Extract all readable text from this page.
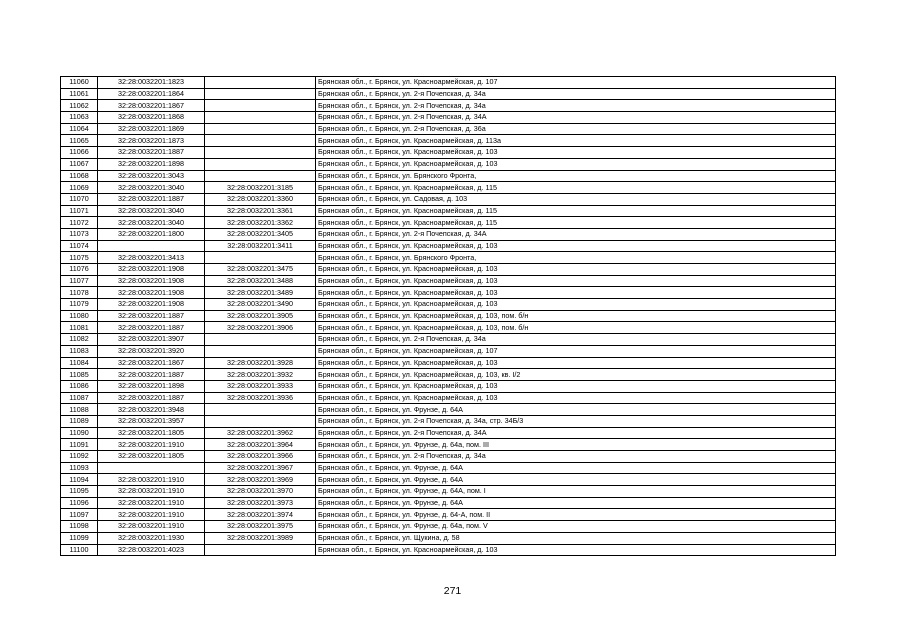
11060	32:28:0032201:1823		Брянская обл., г. Брянск, ул. Красноармейская, д. 107
11061	32:28:0032201:1864		Брянская обл., г. Брянск, ул. 2-я Почепская, д. 34а
11062	32:28:0032201:1867		Брянская обл., г. Брянск, ул. 2-я Почепская, д. 34а
11063	32:28:0032201:1868		Брянская обл., г. Брянск, ул. 2-я Почепская, д. 34А
11064	32:28:0032201:1869		Брянская обл., г. Брянск, ул. 2-я Почепская, д. 36а
11065	32:28:0032201:1873		Брянская обл., г. Брянск, ул. Красноармейская, д. 113а
11066	32:28:0032201:1887		Брянская обл., г. Брянск, ул. Красноармейская, д. 103
11067	32:28:0032201:1898		Брянская обл., г. Брянск, ул. Красноармейская, д. 103
11068	32:28:0032201:3043		Брянская обл., г. Брянск, ул. Брянского Фронта,
11069	32:28:0032201:3040	32:28:0032201:3185	Брянская обл., г. Брянск, ул. Красноармейская, д. 115
11070	32:28:0032201:1887	32:28:0032201:3360	Брянская обл., г. Брянск, ул. Садовая, д. 103
11071	32:28:0032201:3040	32:28:0032201:3361	Брянская обл., г. Брянск, ул. Красноармейская, д. 115
11072	32:28:0032201:3040	32:28:0032201:3362	Брянская обл., г. Брянск, ул. Красноармейская, д. 115
11073	32:28:0032201:1800	32:28:0032201:3405	Брянская обл., г. Брянск, ул. 2-я Почепская, д. 34А
11074		32:28:0032201:3411	Брянская обл., г. Брянск, ул. Красноармейская, д. 103
11075	32:28:0032201:3413		Брянская обл., г. Брянск, ул. Брянского Фронта,
11076	32:28:0032201:1908	32:28:0032201:3475	Брянская обл., г. Брянск, ул. Красноармейская, д. 103
11077	32:28:0032201:1908	32:28:0032201:3488	Брянская обл., г. Брянск, ул. Красноармейская, д. 103
11078	32:28:0032201:1908	32:28:0032201:3489	Брянская обл., г. Брянск, ул. Красноармейская, д. 103
11079	32:28:0032201:1908	32:28:0032201:3490	Брянская обл., г. Брянск, ул. Красноармейская, д. 103
11080	32:28:0032201:1887	32:28:0032201:3905	Брянская обл., г. Брянск, ул. Красноармейская, д. 103, пом. б/н
11081	32:28:0032201:1887	32:28:0032201:3906	Брянская обл., г. Брянск, ул. Красноармейская, д. 103, пом. б/н
11082	32:28:0032201:3907		Брянская обл., г. Брянск, ул. 2-я Почепская, д. 34а
11083	32:28:0032201:3920		Брянская обл., г. Брянск, ул. Красноармейская, д. 107
11084	32:28:0032201:1867	32:28:0032201:3928	Брянская обл., г. Брянск, ул. Красноармейская, д. 103
11085	32:28:0032201:1887	32:28:0032201:3932	Брянская обл., г. Брянск, ул. Красноармейская, д. 103, кв. I/2
11086	32:28:0032201:1898	32:28:0032201:3933	Брянская обл., г. Брянск, ул. Красноармейская, д. 103
11087	32:28:0032201:1887	32:28:0032201:3936	Брянская обл., г. Брянск, ул. Красноармейская, д. 103
11088	32:28:0032201:3948		Брянская обл., г. Брянск, ул. Фрунзе, д. 64А
11089	32:28:0032201:3957		Брянская обл., г. Брянск, ул. 2-я Почепская, д. 34а, стр. 34Б/3
11090	32:28:0032201:1805	32:28:0032201:3962	Брянская обл., г. Брянск, ул. 2-я Почепская, д. 34А
11091	32:28:0032201:1910	32:28:0032201:3964	Брянская обл., г. Брянск, ул. Фрунзе, д. 64а, пом. III
11092	32:28:0032201:1805	32:28:0032201:3966	Брянская обл., г. Брянск, ул. 2-я Почепская, д. 34а
11093		32:28:0032201:3967	Брянская обл., г. Брянск, ул. Фрунзе, д. 64А
11094	32:28:0032201:1910	32:28:0032201:3969	Брянская обл., г. Брянск, ул. Фрунзе, д. 64А
11095	32:28:0032201:1910	32:28:0032201:3970	Брянская обл., г. Брянск, ул. Фрунзе, д. 64А, пом. I
11096	32:28:0032201:1910	32:28:0032201:3973	Брянская обл., г. Брянск, ул. Фрунзе, д. 64А
11097	32:28:0032201:1910	32:28:0032201:3974	Брянская обл., г. Брянск, ул. Фрунзе, д. 64-А, пом. II
11098	32:28:0032201:1910	32:28:0032201:3975	Брянская обл., г. Брянск, ул. Фрунзе, д. 64а, пом. V
11099	32:28:0032201:1930	32:28:0032201:3989	Брянская обл., г. Брянск, ул. Щукина, д. 58
11100	32:28:0032201:4023		Брянская обл., г. Брянск, ул. Красноармейская, д. 103
271
